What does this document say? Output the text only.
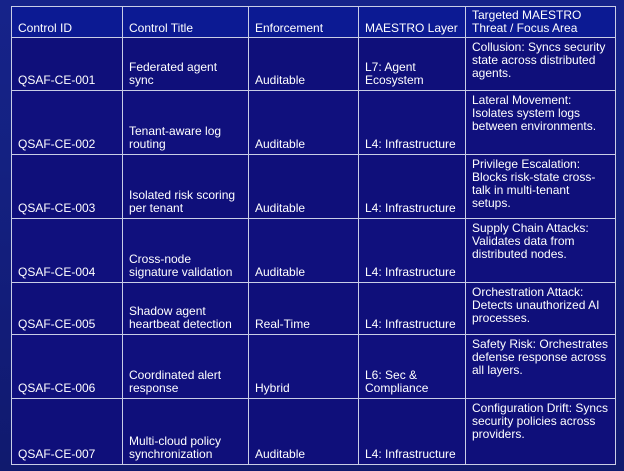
Control ID	Control Title	Enforcement	MAESTRO Layer	Targeted MAESTRO Threat / Focus Area
QSAF-CE-001	Federated agent sync	Auditable	L7: Agent Ecosystem	Collusion: Syncs security state across distributed agents.
QSAF-CE-002	Tenant-aware log routing	Auditable	L4: Infrastructure	Lateral Movement: Isolates system logs between environments.
QSAF-CE-003	Isolated risk scoring per tenant	Auditable	L4: Infrastructure	Privilege Escalation: Blocks risk-state cross-talk in multi-tenant setups.
QSAF-CE-004	Cross-node signature validation	Auditable	L4: Infrastructure	Supply Chain Attacks: Validates data from distributed nodes.
QSAF-CE-005	Shadow agent heartbeat detection	Real-Time	L4: Infrastructure	Orchestration Attack: Detects unauthorized AI processes.
QSAF-CE-006	Coordinated alert response	Hybrid	L6: Sec & Compliance	Safety Risk: Orchestrates defense response across all layers.
QSAF-CE-007	Multi-cloud policy synchronization	Auditable	L4: Infrastructure	Configuration Drift: Syncs security policies across providers.
